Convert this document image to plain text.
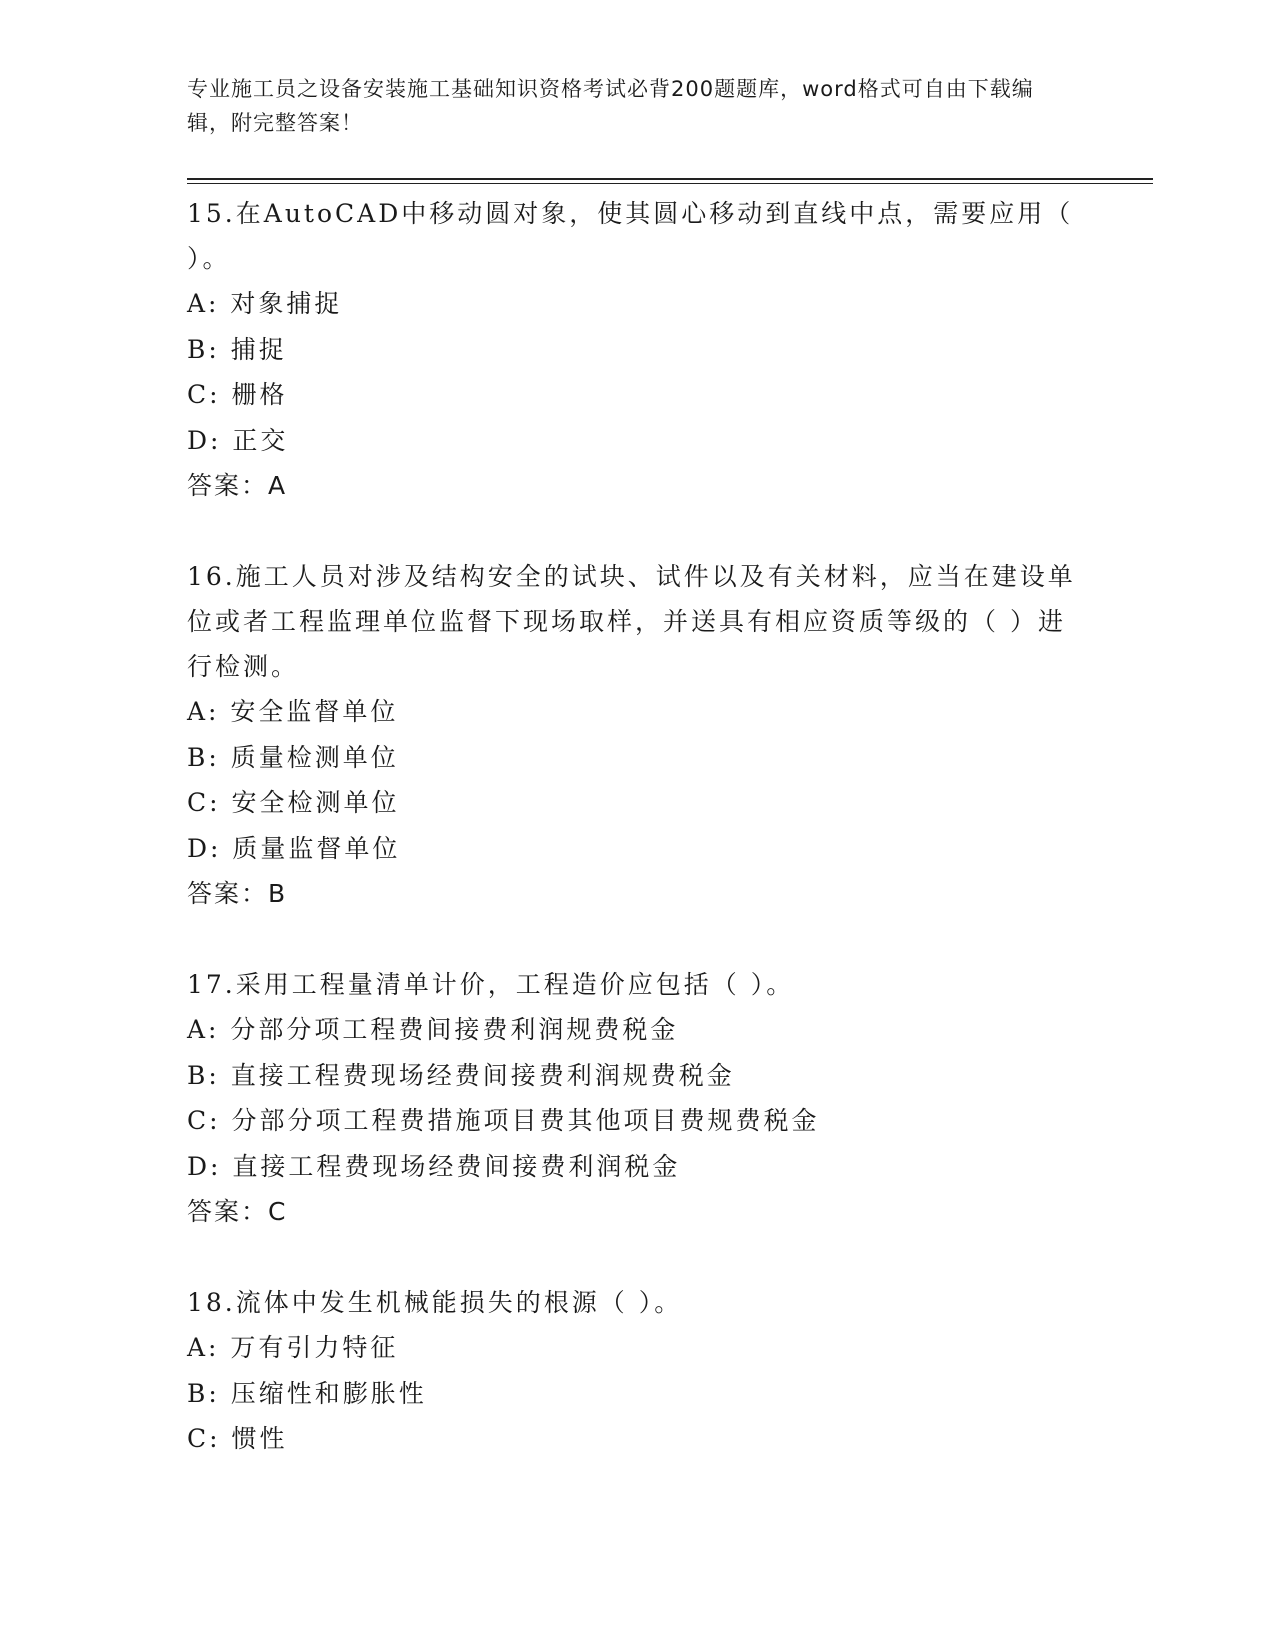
专业施工员之设备安装施工基础知识资格考试必背200题题库，word格式可自由下载编辑，附完整答案！
15.在AutoCAD中移动圆对象，使其圆心移动到直线中点，需要应用（ ）。
A: 对象捕捉
B: 捕捉
C: 栅格
D: 正交
答案：A
16.施工人员对涉及结构安全的试块、试件以及有关材料，应当在建设单位或者工程监理单位监督下现场取样，并送具有相应资质等级的（ ）进行检测。
A: 安全监督单位
B: 质量检测单位
C: 安全检测单位
D: 质量监督单位
答案：B
17.采用工程量清单计价，工程造价应包括（ ）。
A: 分部分项工程费间接费利润规费税金
B: 直接工程费现场经费间接费利润规费税金
C: 分部分项工程费措施项目费其他项目费规费税金
D: 直接工程费现场经费间接费利润税金
答案：C
18.流体中发生机械能损失的根源（ ）。
A: 万有引力特征
B: 压缩性和膨胀性
C: 惯性
